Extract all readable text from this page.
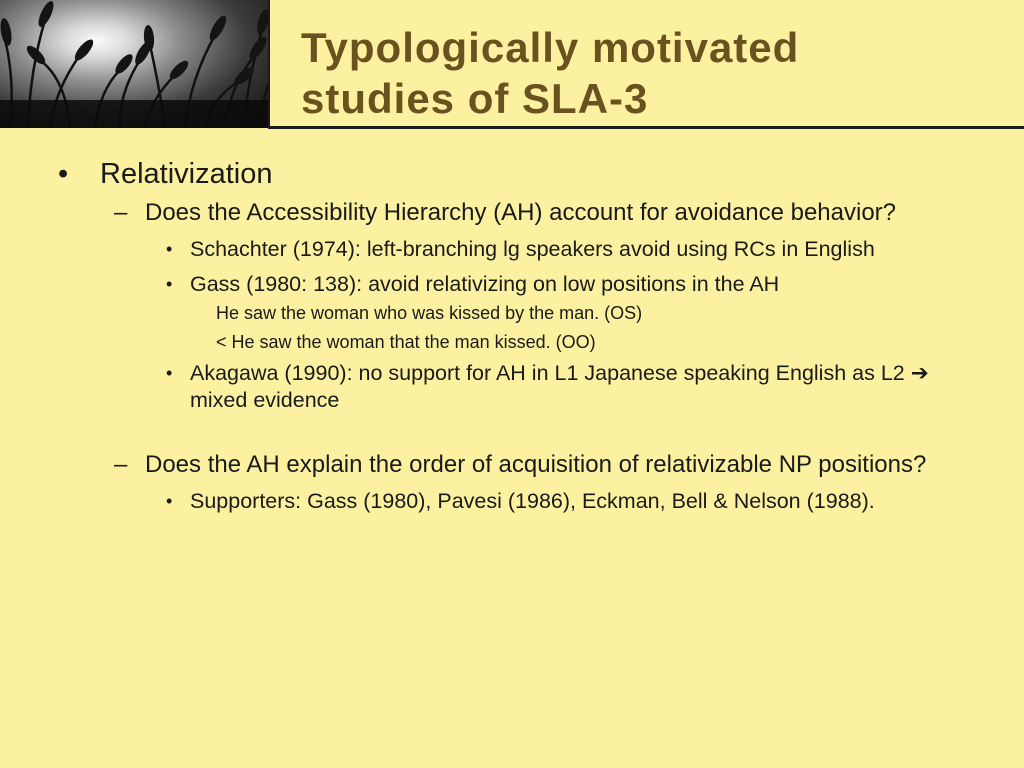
Typologically motivated
studies of SLA-3
• Relativization
– Does the Accessibility Hierarchy (AH) account for avoidance behavior?
• Schachter (1974): left-branching lg speakers avoid using RCs in English
• Gass (1980: 138): avoid relativizing on low positions in the AH
He saw the woman who was kissed by the man. (OS)
< He saw the woman that the man kissed. (OO)
• Akagawa (1990): no support for AH in L1 Japanese speaking English as L2 ➔ mixed evidence
– Does the AH explain the order of acquisition of relativizable NP positions?
• Supporters: Gass (1980), Pavesi (1986), Eckman, Bell & Nelson (1988).
